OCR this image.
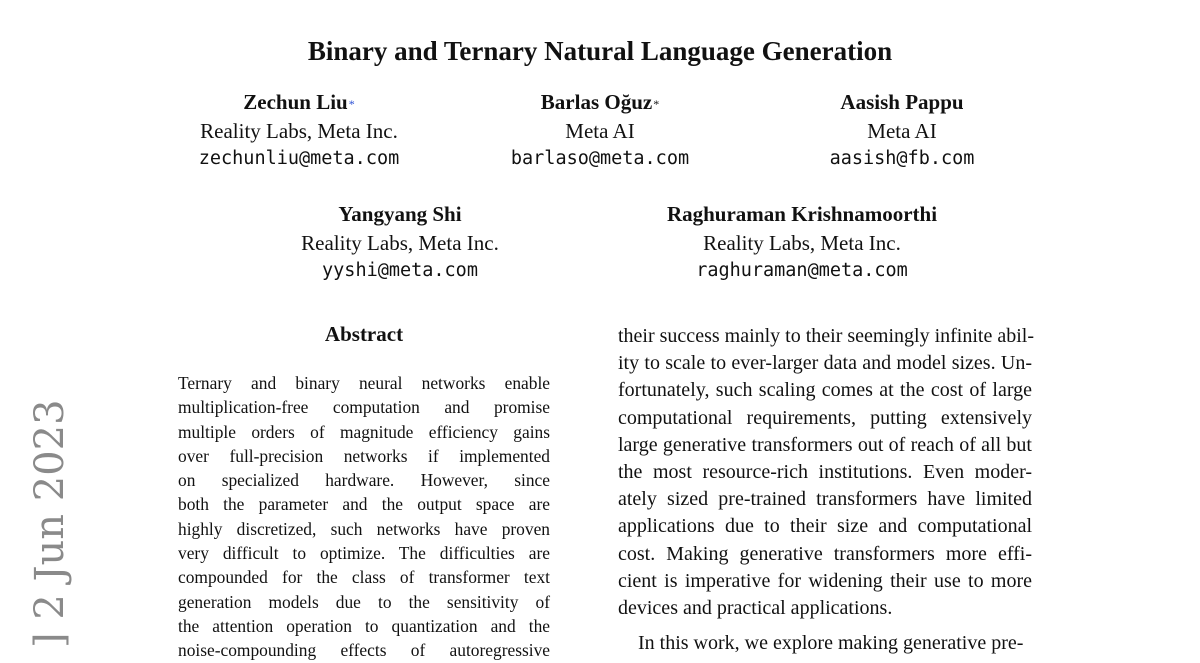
Binary and Ternary Natural Language Generation
Zechun Liu*
Reality Labs, Meta Inc.
zechunliu@meta.com
Barlas Oğuz*
Meta AI
barlaso@meta.com
Aasish Pappu
Meta AI
aasish@fb.com
Yangyang Shi
Reality Labs, Meta Inc.
yyshi@meta.com
Raghuraman Krishnamoorthi
Reality Labs, Meta Inc.
raghuraman@meta.com
Abstract
Ternary and binary neural networks enable
multiplication-free computation and promise
multiple orders of magnitude efficiency gains
over full-precision networks if implemented
on specialized hardware. However, since
both the parameter and the output space are
highly discretized, such networks have proven
very difficult to optimize. The difficulties are
compounded for the class of transformer text
generation models due to the sensitivity of
the attention operation to quantization and the
noise-compounding effects of autoregressive
their success mainly to their seemingly infinite abil-
ity to scale to ever-larger data and model sizes. Un-
fortunately, such scaling comes at the cost of large
computational requirements, putting extensively
large generative transformers out of reach of all but
the most resource-rich institutions. Even moder-
ately sized pre-trained transformers have limited
applications due to their size and computational
cost. Making generative transformers more effi-
cient is imperative for widening their use to more
devices and practical applications.
In this work, we explore making generative pre-
] 2 Jun 2023
